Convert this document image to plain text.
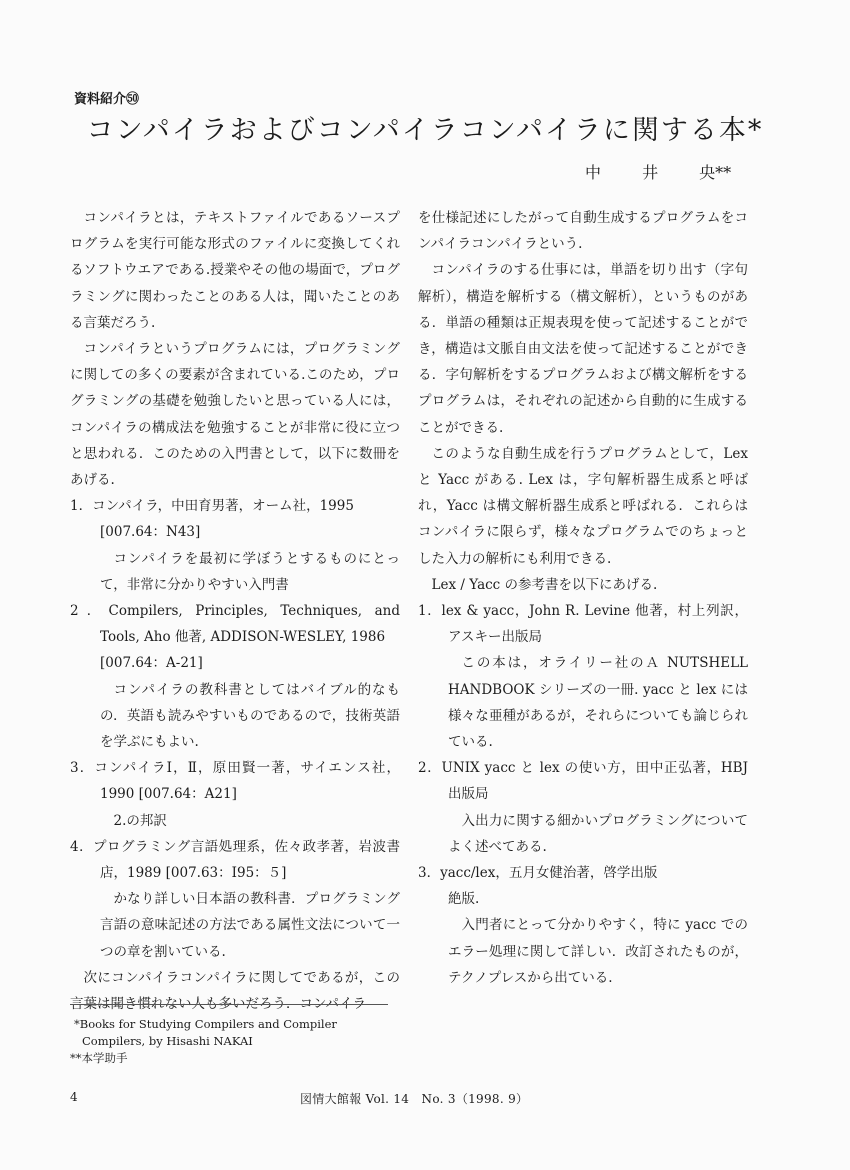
資料紹介㊿
コンパイラおよびコンパイラコンパイラに関する本*
中 井 央**

コンパイラとは，テキストファイルであるソースプログラムを実行可能な形式のファイルに変換してくれるソフトウエアである.授業やその他の場面で，プログラミングに関わったことのある人は，聞いたことのある言葉だろう.

コンパイラというプログラムには，プログラミングに関しての多くの要素が含まれている.このため，プログラミングの基礎を勉強したいと思っている人には，コンパイラの構成法を勉強することが非常に役に立つと思われる．このための入門書として，以下に数冊をあげる.

1．コンパイラ，中田育男著，オーム社，1995

[007.64：N43]

コンパイラを最初に学ぼうとするものにとって，非常に分かりやすい入門書

2．Compilers, Principles, Techniques, and Tools, Aho 他著, ADDISON-WESLEY, 1986

[007.64：A-21]

コンパイラの教科書としてはバイブル的なもの．英語も読みやすいものであるので，技術英語を学ぶにもよい.

3．コンパイラⅠ，Ⅱ，原田賢一著，サイエンス社，1990 [007.64：A21]

2.の邦訳

4．プログラミング言語処理系，佐々政孝著，岩波書店，1989 [007.63：I95：５]

かなり詳しい日本語の教科書．プログラミング言語の意味記述の方法である属性文法について一つの章を割いている.

次にコンパイラコンパイラに関してであるが，この言葉は聞き慣れない人も多いだろう．コンパイラ

を仕様記述にしたがって自動生成するプログラムをコンパイラコンパイラという.

コンパイラのする仕事には，単語を切り出す（字句解析），構造を解析する（構文解析），というものがある．単語の種類は正規表現を使って記述することができ，構造は文脈自由文法を使って記述することができる．字句解析をするプログラムおよび構文解析をするプログラムは，それぞれの記述から自動的に生成することができる.

このような自動生成を行うプログラムとして，Lex と Yacc がある. Lex は，字句解析器生成系と呼ばれ，Yacc は構文解析器生成系と呼ばれる．これらはコンパイラに限らず，様々なプログラムでのちょっとした入力の解析にも利用できる.

Lex / Yacc の参考書を以下にあげる.

1．lex & yacc，John R. Levine 他著，村上列訳，アスキー出版局

この本は，オライリー社のＡ NUTSHELL HANDBOOK シリーズの一冊. yacc と lex には様々な亜種があるが，それらについても論じられている.

2．UNIX yacc と lex の使い方，田中正弘著，HBJ 出版局

入出力に関する細かいプログラミングについてよく述べてある.

3．yacc/lex，五月女健治著，啓学出版

絶版.

入門者にとって分かりやすく，特に yacc でのエラー処理に関して詳しい．改訂されたものが，テクノプレスから出ている.

*Books for Studying Compilers and Compiler Compilers, by Hisashi NAKAI

**本学助手

4	図情大館報 Vol. 14　No. 3（1998. 9）
